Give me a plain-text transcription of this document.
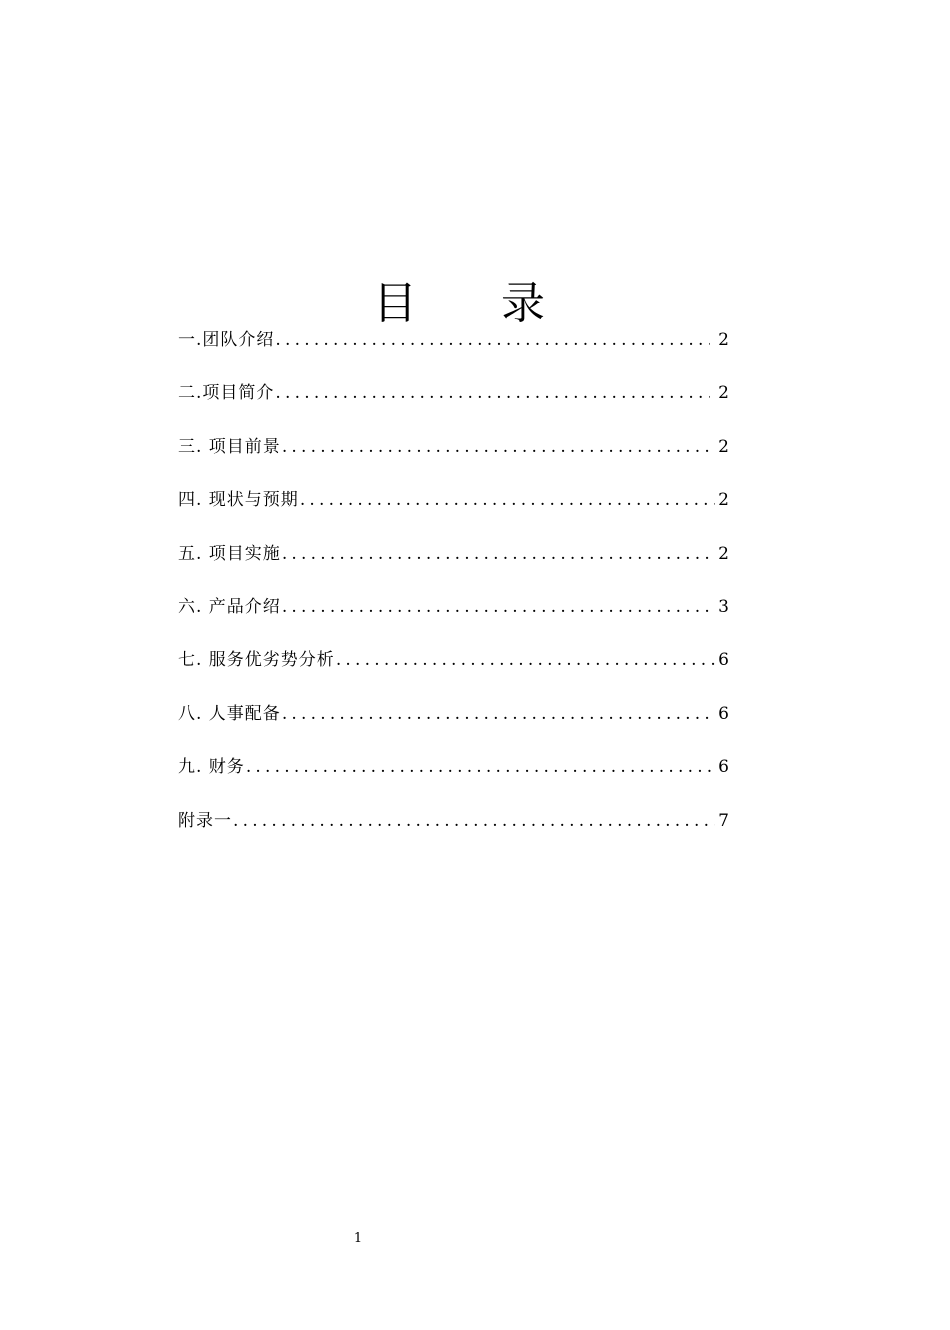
目 录
一.团队介绍 .....	2
二.项目简介 .....	2
三. 项目前景 .....	2
四. 现状与预期 .....	2
五. 项目实施 .....	2
六. 产品介绍 .....	3
七. 服务优劣势分析 .....	6
八. 人事配备 .....	6
九. 财务 .....	6
附录一 .....	7
1
